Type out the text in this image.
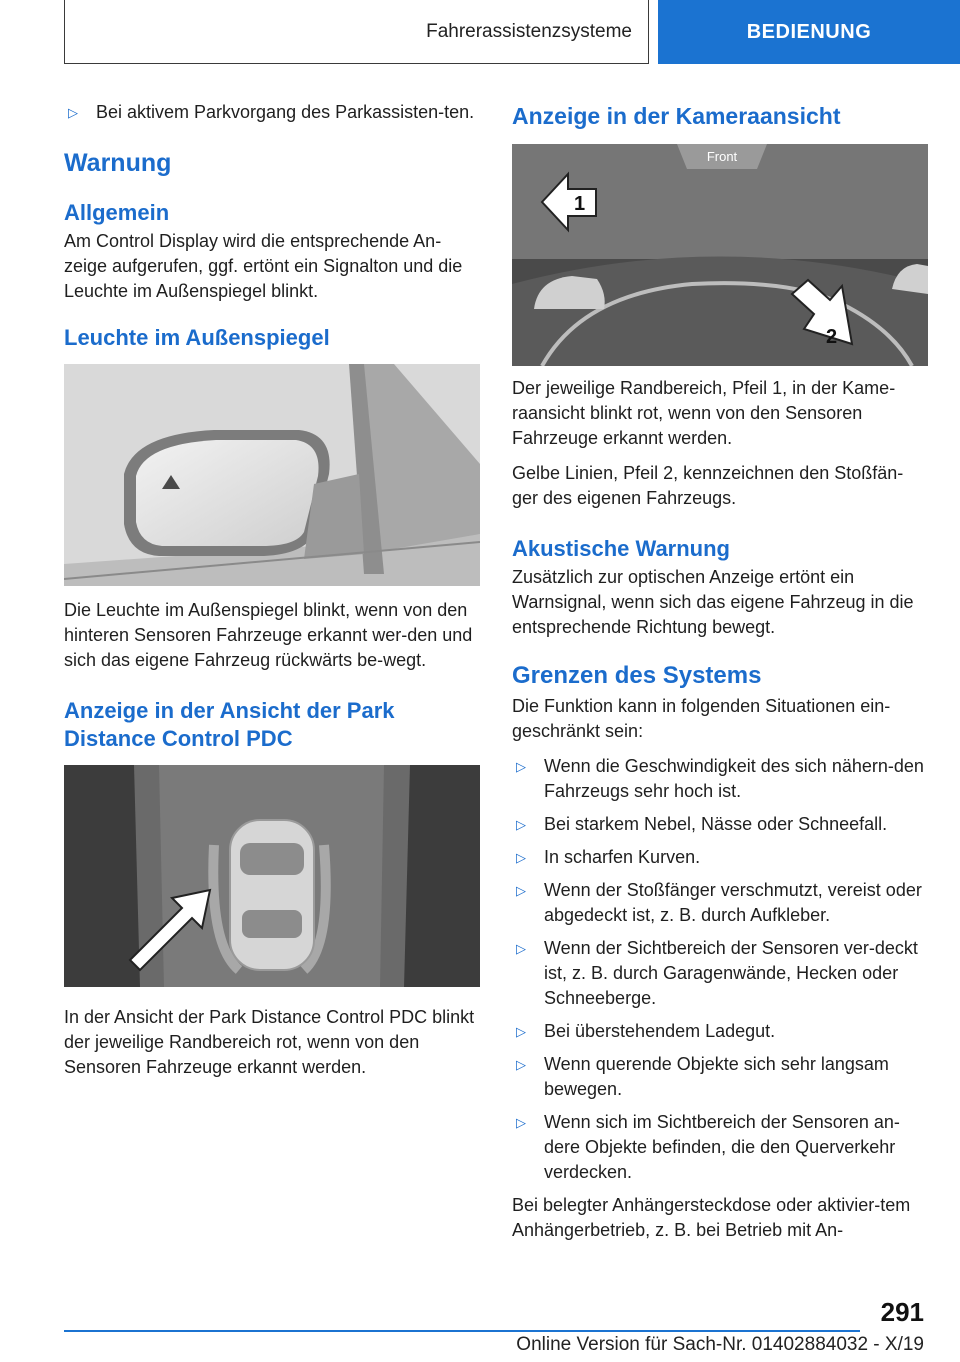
Fahrerassistenzsysteme	BEDIENUNG
▷	Bei aktivem Parkvorgang des Parkassisten-ten.
Warnung
Allgemein

Am Control Display wird die entsprechende An-zeige aufgerufen, ggf. ertönt ein Signalton und die Leuchte im Außenspiegel blinkt.

Leuchte im Außenspiegel

Die Leuchte im Außenspiegel blinkt, wenn von den hinteren Sensoren Fahrzeuge erkannt wer-den und sich das eigene Fahrzeug rückwärts be-wegt.

Anzeige in der Ansicht der Park Distance Control PDC

In der Ansicht der Park Distance Control PDC blinkt der jeweilige Randbereich rot, wenn von den Sensoren Fahrzeuge erkannt werden.

Anzeige in der Kameraansicht
Front
1
2

Der jeweilige Randbereich, Pfeil 1, in der Kame-raansicht blinkt rot, wenn von den Sensoren Fahrzeuge erkannt werden.

Gelbe Linien, Pfeil 2, kennzeichnen den Stoßfän-ger des eigenen Fahrzeugs.

Akustische Warnung

Zusätzlich zur optischen Anzeige ertönt ein Warnsignal, wenn sich das eigene Fahrzeug in die entsprechende Richtung bewegt.

Grenzen des Systems

Die Funktion kann in folgenden Situationen ein-geschränkt sein:

▷	Wenn die Geschwindigkeit des sich nähern-den Fahrzeugs sehr hoch ist.
▷	Bei starkem Nebel, Nässe oder Schneefall.
▷	In scharfen Kurven.
▷	Wenn der Stoßfänger verschmutzt, vereist oder abgedeckt ist, z. B. durch Aufkleber.
▷	Wenn der Sichtbereich der Sensoren ver-deckt ist, z. B. durch Garagenwände, Hecken oder Schneeberge.
▷	Bei überstehendem Ladegut.
▷	Wenn querende Objekte sich sehr langsam bewegen.
▷	Wenn sich im Sichtbereich der Sensoren an-dere Objekte befinden, die den Querverkehr verdecken.

Bei belegter Anhängersteckdose oder aktivier-tem Anhängerbetrieb, z. B. bei Betrieb mit An-

291
Online Version für Sach-Nr. 01402884032 - X/19
